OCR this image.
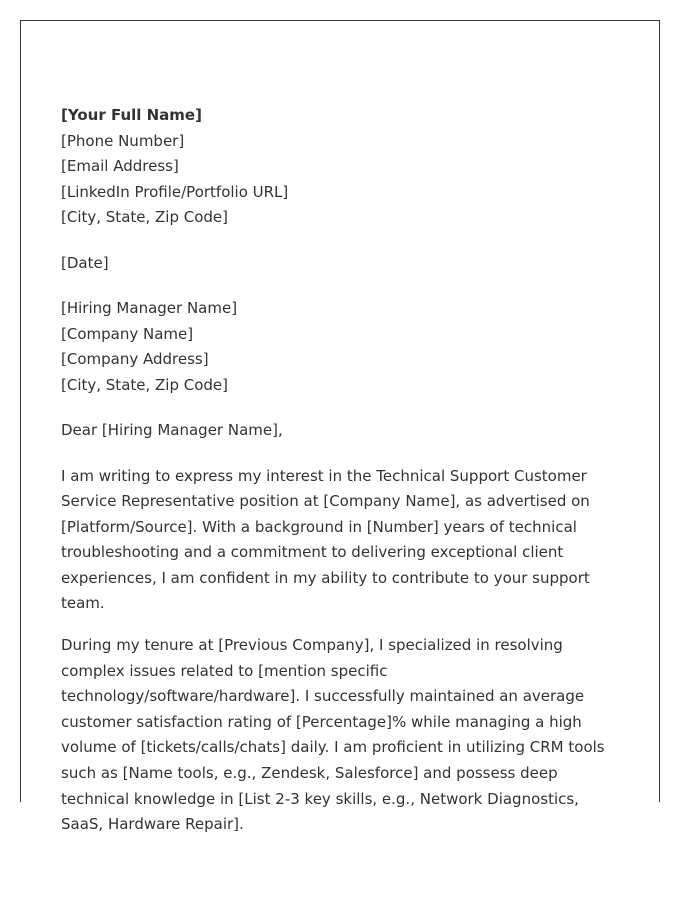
[Your Full Name]
[Phone Number]
[Email Address]
[LinkedIn Profile/Portfolio URL]
[City, State, Zip Code]
[Date]
[Hiring Manager Name]
[Company Name]
[Company Address]
[City, State, Zip Code]
Dear [Hiring Manager Name],

I am writing to express my interest in the Technical Support Customer Service Representative position at [Company Name], as advertised on [Platform/Source]. With a background in [Number] years of technical troubleshooting and a commitment to delivering exceptional client experiences, I am confident in my ability to contribute to your support team.

During my tenure at [Previous Company], I specialized in resolving complex issues related to [mention specific technology/software/hardware]. I successfully maintained an average customer satisfaction rating of [Percentage]% while managing a high volume of [tickets/calls/chats] daily. I am proficient in utilizing CRM tools such as [Name tools, e.g., Zendesk, Salesforce] and possess deep technical knowledge in [List 2-3 key skills, e.g., Network Diagnostics, SaaS, Hardware Repair].
